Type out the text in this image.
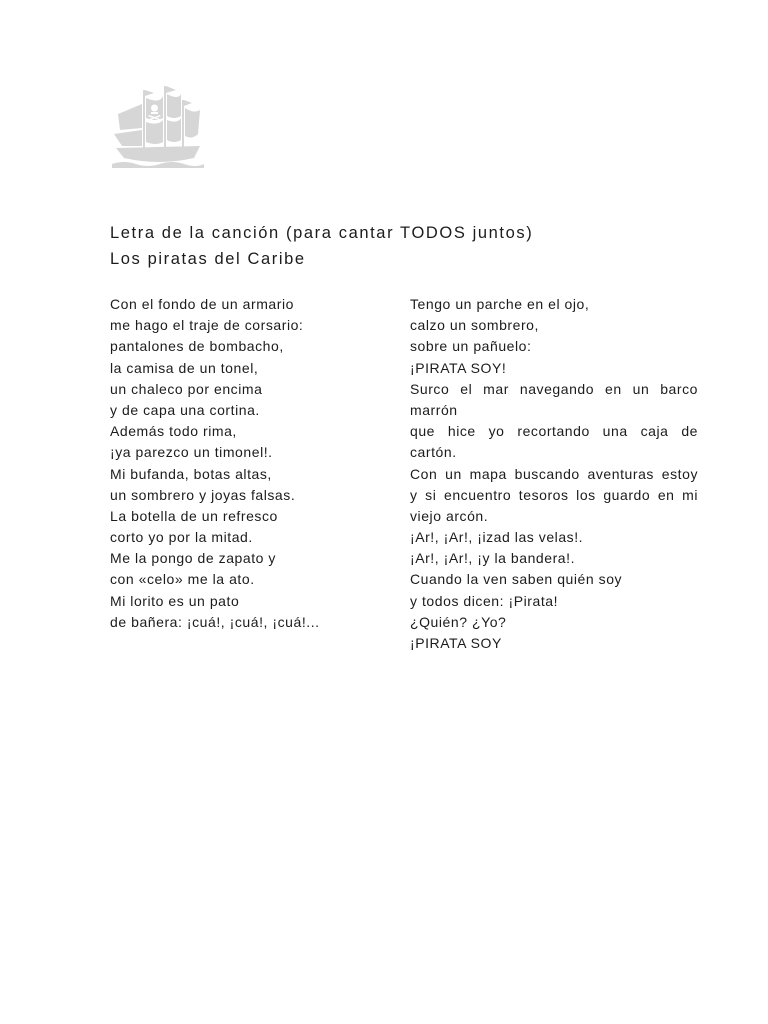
Letra de la canción (para cantar TODOS juntos)
Los piratas del Caribe
Con el fondo de un armario
me hago el traje de corsario:
pantalones de bombacho,
la camisa de un tonel,
un chaleco por encima
y de capa una cortina.
Además todo rima,
¡ya parezco un timonel!.
Mi bufanda, botas altas,
un sombrero y joyas falsas.
La botella de un refresco
corto yo por la mitad.
Me la pongo de zapato y
con «celo» me la ato.
Mi lorito es un pato
de bañera: ¡cuá!, ¡cuá!, ¡cuá!...
Tengo un parche en el ojo,
calzo un sombrero,
sobre un pañuelo:
¡PIRATA SOY!
Surco el mar navegando en un barco
marrón
que hice yo recortando una caja de
cartón.
Con un mapa buscando aventuras estoy
y si encuentro tesoros los guardo en mi
viejo arcón.
¡Ar!, ¡Ar!, ¡izad las velas!.
¡Ar!, ¡Ar!, ¡y la bandera!.
Cuando la ven saben quién soy
y todos dicen: ¡Pirata!
¿Quién? ¿Yo?
¡PIRATA SOY
